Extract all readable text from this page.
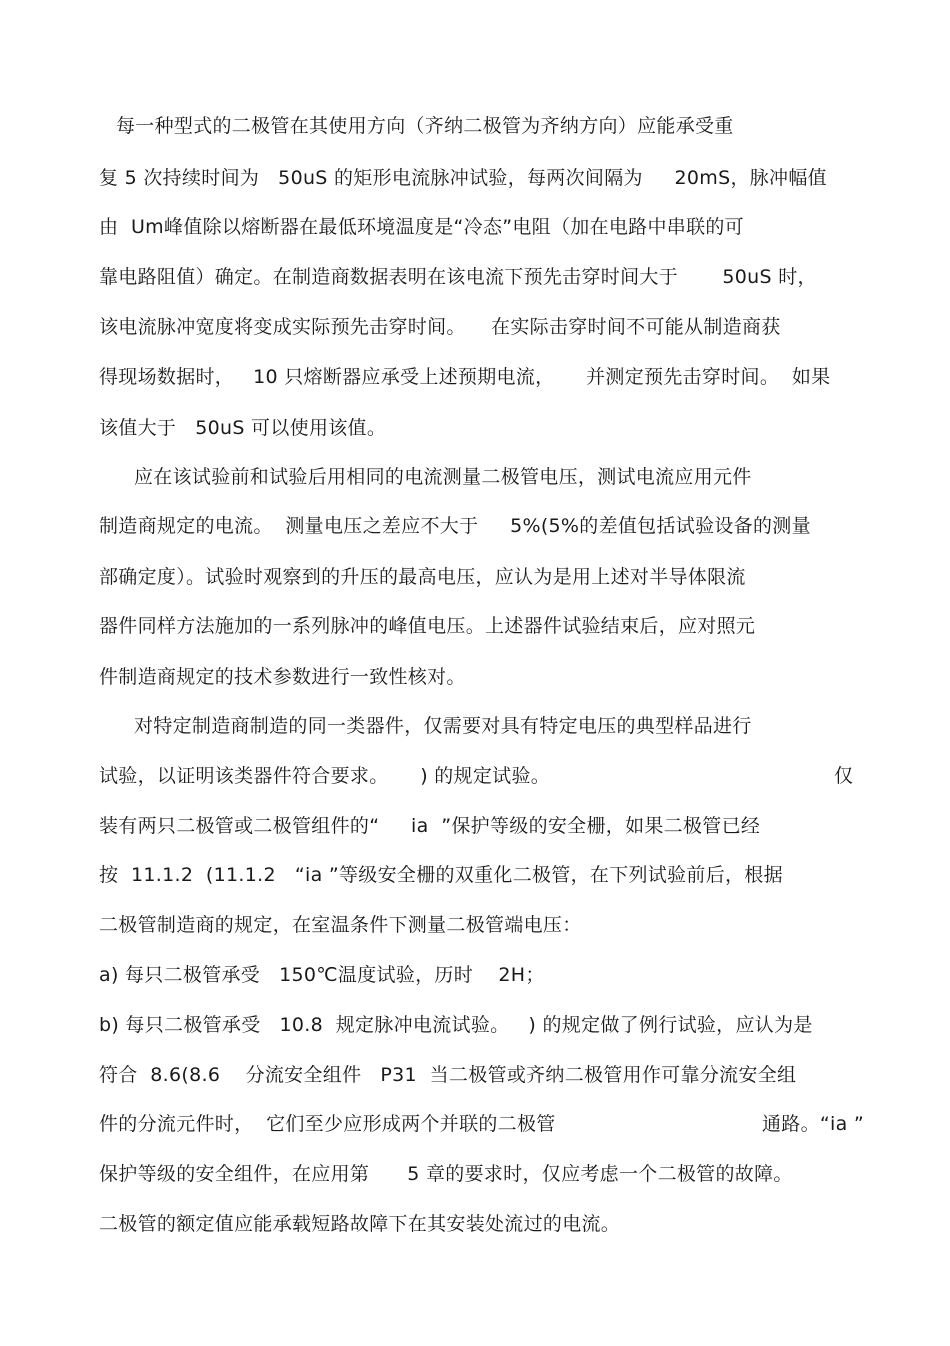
每一种型式的二极管在其使用方向（齐纳二极管为齐纳方向）应能承受重
复 5 次持续时间为   50uS 的矩形电流脉冲试验，每两次间隔为     20mS，脉冲幅值
由  Um峰值除以熔断器在最低环境温度是“冷态”电阻（加在电路中串联的可
靠电路阻值）确定。在制造商数据表明在该电流下预先击穿时间大于       50uS 时，
该电流脉冲宽度将变成实际预先击穿时间。    在实际击穿时间不可能从制造商获
得现场数据时，   10 只熔断器应承受上述预期电流，     并测定预先击穿时间。  如果
该值大于   50uS 可以使用该值。
应在该试验前和试验后用相同的电流测量二极管电压，测试电流应用元件
制造商规定的电流。  测量电压之差应不大于     5%(5%的差值包括试验设备的测量
部确定度）。试验时观察到的升压的最高电压，应认为是用上述对半导体限流
器件同样方法施加的一系列脉冲的峰值电压。上述器件试验结束后，应对照元
件制造商规定的技术参数进行一致性核对。
对特定制造商制造的同一类器件，仅需要对具有特定电压的典型样品进行
试验，以证明该类器件符合要求。     ) 的规定试验。	仅
装有两只二极管或二极管组件的“     ia  ”保护等级的安全栅，如果二极管已经
按  11.1.2  (11.1.2   “ia ”等级安全栅的双重化二极管，在下列试验前后，根据
二极管制造商的规定，在室温条件下测量二极管端电压：
a) 每只二极管承受   150℃温度试验，历时    2H；
b) 每只二极管承受   10.8  规定脉冲电流试验。   ) 的规定做了例行试验，应认为是
符合  8.6(8.6    分流安全组件   P31  当二极管或齐纳二极管用作可靠分流安全组
件的分流元件时，  它们至少应形成两个并联的二极管	通路。“ia ”
保护等级的安全组件，在应用第      5 章的要求时，仅应考虑一个二极管的故障。
二极管的额定值应能承载短路故障下在其安装处流过的电流。
